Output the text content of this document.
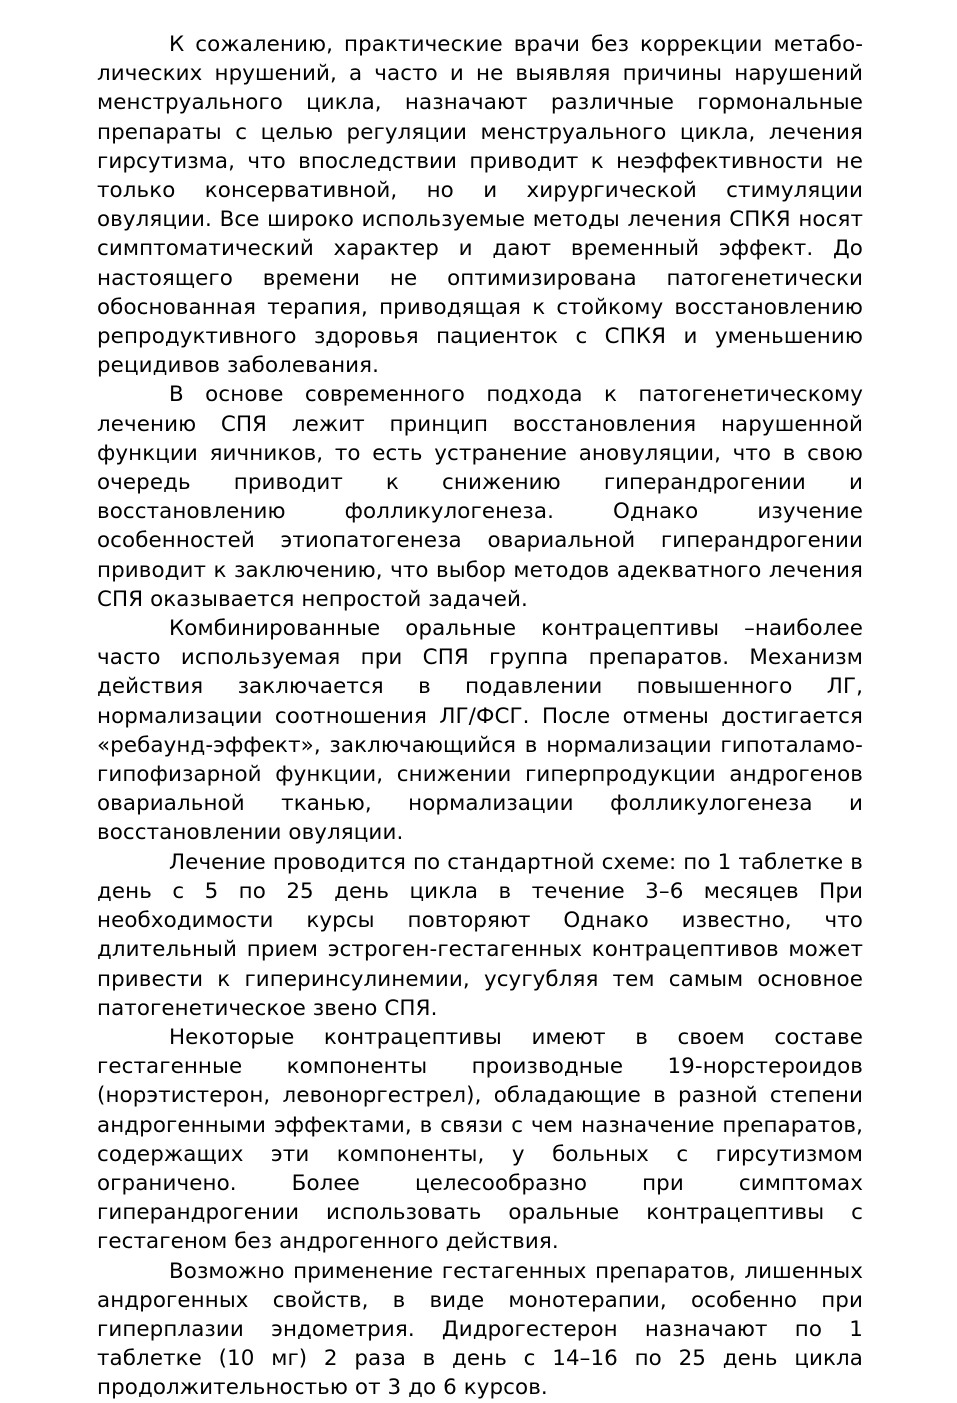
К сожалению, практические врачи без коррекции метаболических нрушений, а часто и не выявляя причины нарушений менструального цикла, назначают различные гормональные препараты с целью регуляции менструального цикла, лечения гирсутизма, что впоследствии приводит к неэффективности не только консервативной, но и хирургической стимуляции овуляции. Все широко используемые методы лечения СПКЯ носят симптоматический характер и дают временный эффект. До настоящего времени не оптимизирована патогенетически обоснованная терапия, приводящая к стойкому восстановлению репродуктивного здоровья пациенток с СПКЯ и уменьшению рецидивов заболевания.

В основе современного подхода к патогенетическому лечению СПЯ лежит принцип восстановления нарушенной функции яичников, то есть устранение ановуляции, что в свою очередь приводит к снижению гиперандрогении и восстановлению фолликулогенеза. Однако изучение особенностей этиопатогенеза овариальной гиперандрогении приводит к заключению, что выбор методов адекватного лечения СПЯ оказывается непростой задачей.

Комбинированные оральные контрацептивы –наиболее часто используемая при СПЯ группа препаратов. Механизм действия заключается в подавлении повышенного ЛГ, нормализации соотношения ЛГ/ФСГ. После отмены достигается «ребаунд-эффект», заключающийся в нормализации гипоталамо-гипофизарной функции, снижении гиперпродукции андрогенов овариальной тканью, нормализации фолликулогенеза и восстановлении овуляции.

Лечение проводится по стандартной схеме: по 1 таблетке в день с 5 по 25 день цикла в течение 3–6 месяцев При необходимости курсы повторяют Однако известно, что длительный прием эстроген-гестагенных контрацептивов может привести к гиперинсулинемии, усугубляя тем самым основное патогенетическое звено СПЯ.

Некоторые контрацептивы имеют в своем составе гестагенные компоненты производные 19-норстероидов (норэтистерон, левоноргестрел), обладающие в разной степени андрогенными эффектами, в связи с чем назначение препаратов, содержащих эти компоненты, у больных с гирсутизмом ограничено. Более целесообразно при симптомах гиперандрогении использовать оральные контрацептивы с гестагеном без андрогенного действия.

Возможно применение гестагенных препаратов, лишенных андрогенных свойств, в виде монотерапии, особенно при гиперплазии эндометрия. Дидрогестерон назначают по 1 таблетке (10 мг) 2 раза в день с 14–16 по 25 день цикла продолжительностью от 3 до 6 курсов.
